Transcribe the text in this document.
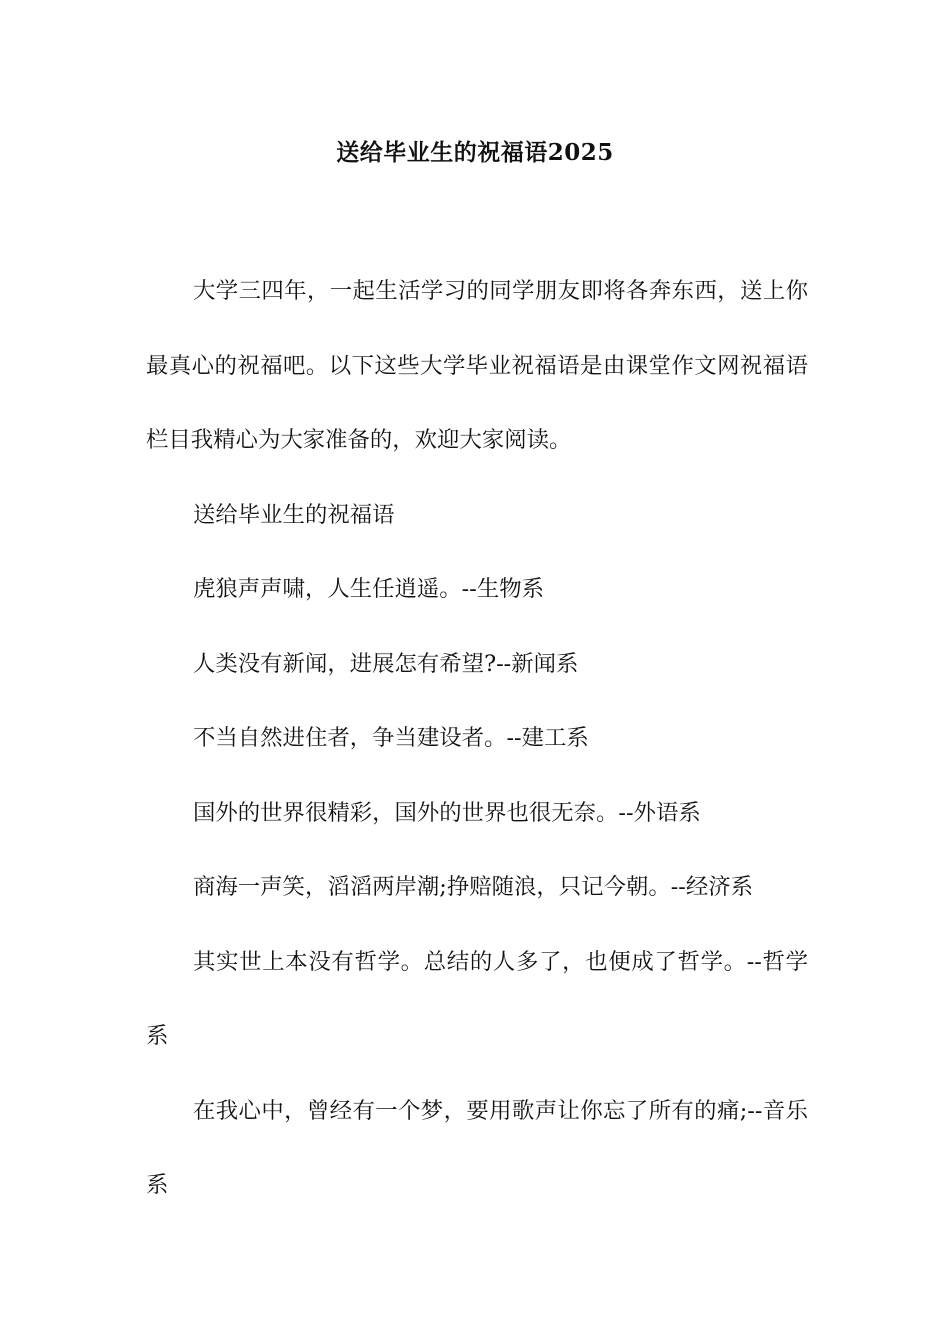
送给毕业生的祝福语2025

大学三四年，一起生活学习的同学朋友即将各奔东西，送上你最真心的祝福吧。以下这些大学毕业祝福语是由课堂作文网祝福语栏目我精心为大家准备的，欢迎大家阅读。

送给毕业生的祝福语

虎狼声声啸，人生任逍遥。--生物系

人类没有新闻，进展怎有希望?--新闻系

不当自然进住者，争当建设者。--建工系

国外的世界很精彩，国外的世界也很无奈。--外语系

商海一声笑，滔滔两岸潮;挣赔随浪，只记今朝。--经济系

其实世上本没有哲学。总结的人多了，也便成了哲学。--哲学系

在我心中，曾经有一个梦，要用歌声让你忘了所有的痛;--音乐系
